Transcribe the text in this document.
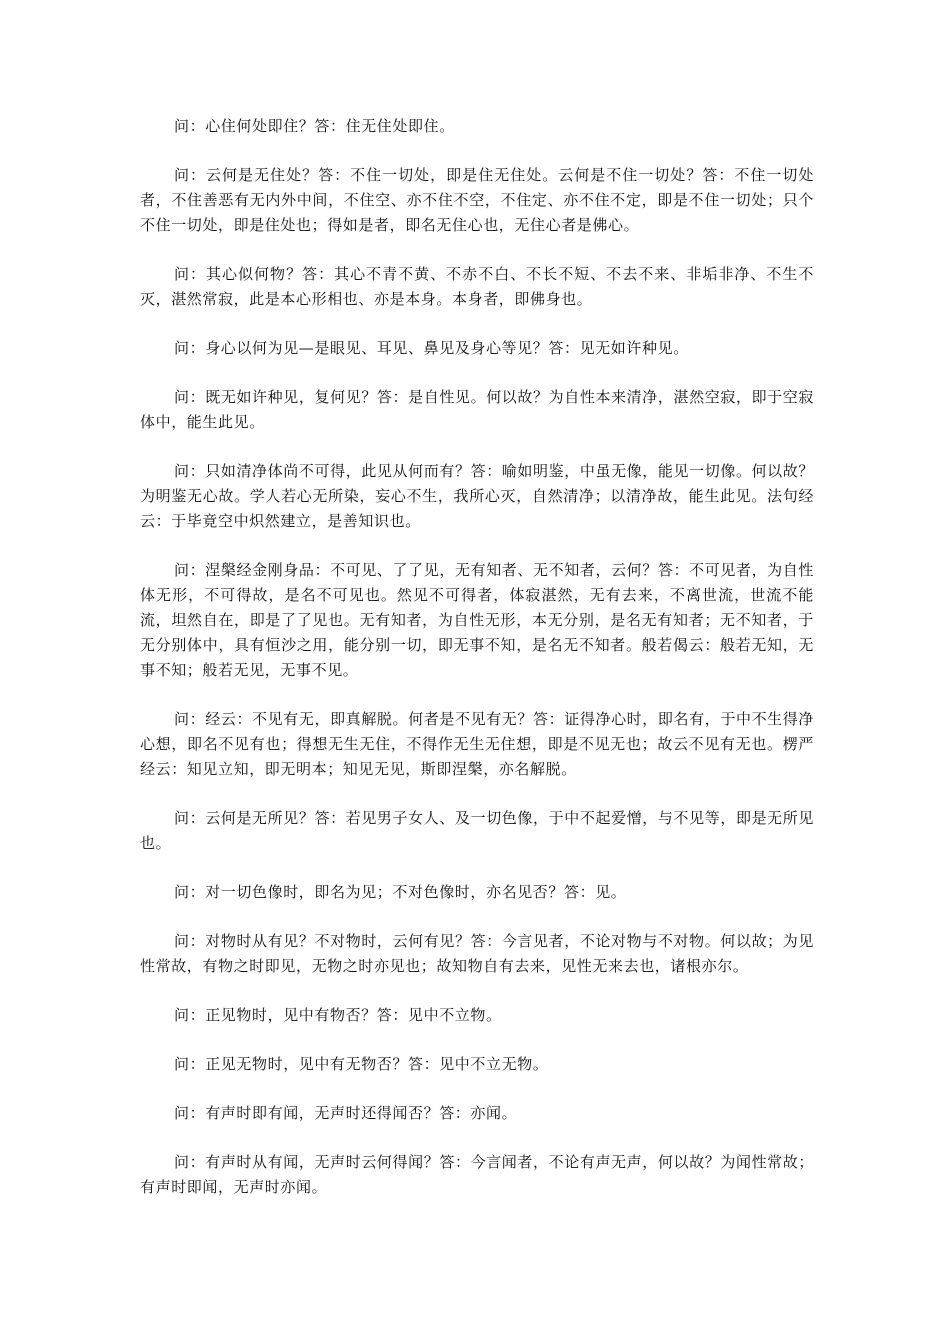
问：心住何处即住？答：住无住处即住。

问：云何是无住处？答：不住一切处，即是住无住处。云何是不住一切处？答：不住一切处者，不住善恶有无内外中间，不住空、亦不住不空，不住定、亦不住不定，即是不住一切处；只个不住一切处，即是住处也；得如是者，即名无住心也，无住心者是佛心。

问：其心似何物？答：其心不青不黄、不赤不白、不长不短、不去不来、非垢非净、不生不灭，湛然常寂，此是本心形相也、亦是本身。本身者，即佛身也。

问：身心以何为见—是眼见、耳见、鼻见及身心等见？答：见无如许种见。

问：既无如许种见，复何见？答：是自性见。何以故？为自性本来清净，湛然空寂，即于空寂体中，能生此见。

问：只如清净体尚不可得，此见从何而有？答：喻如明鉴，中虽无像，能见一切像。何以故？为明鉴无心故。学人若心无所染，妄心不生，我所心灭，自然清净；以清净故，能生此见。法句经云：于毕竟空中炽然建立，是善知识也。

问：涅槃经金刚身品：不可见、了了见，无有知者、无不知者，云何？答：不可见者，为自性体无形，不可得故，是名不可见也。然见不可得者，体寂湛然，无有去来，不离世流，世流不能流，坦然自在，即是了了见也。无有知者，为自性无形，本无分别，是名无有知者；无不知者，于无分别体中，具有恒沙之用，能分别一切，即无事不知，是名无不知者。般若偈云：般若无知，无事不知；般若无见，无事不见。

问：经云：不见有无，即真解脱。何者是不见有无？答：证得净心时，即名有，于中不生得净心想，即名不见有也；得想无生无住，不得作无生无住想，即是不见无也；故云不见有无也。楞严经云：知见立知，即无明本；知见无见，斯即涅槃，亦名解脱。

问：云何是无所见？答：若见男子女人、及一切色像，于中不起爱憎，与不见等，即是无所见也。

问：对一切色像时，即名为见；不对色像时，亦名见否？答：见。

问：对物时从有见？不对物时，云何有见？答：今言见者，不论对物与不对物。何以故；为见性常故，有物之时即见，无物之时亦见也；故知物自有去来，见性无来去也，诸根亦尔。

问：正见物时，见中有物否？答：见中不立物。

问：正见无物时，见中有无物否？答：见中不立无物。

问：有声时即有闻，无声时还得闻否？答：亦闻。

问：有声时从有闻，无声时云何得闻？答：今言闻者，不论有声无声，何以故？为闻性常故；有声时即闻，无声时亦闻。
